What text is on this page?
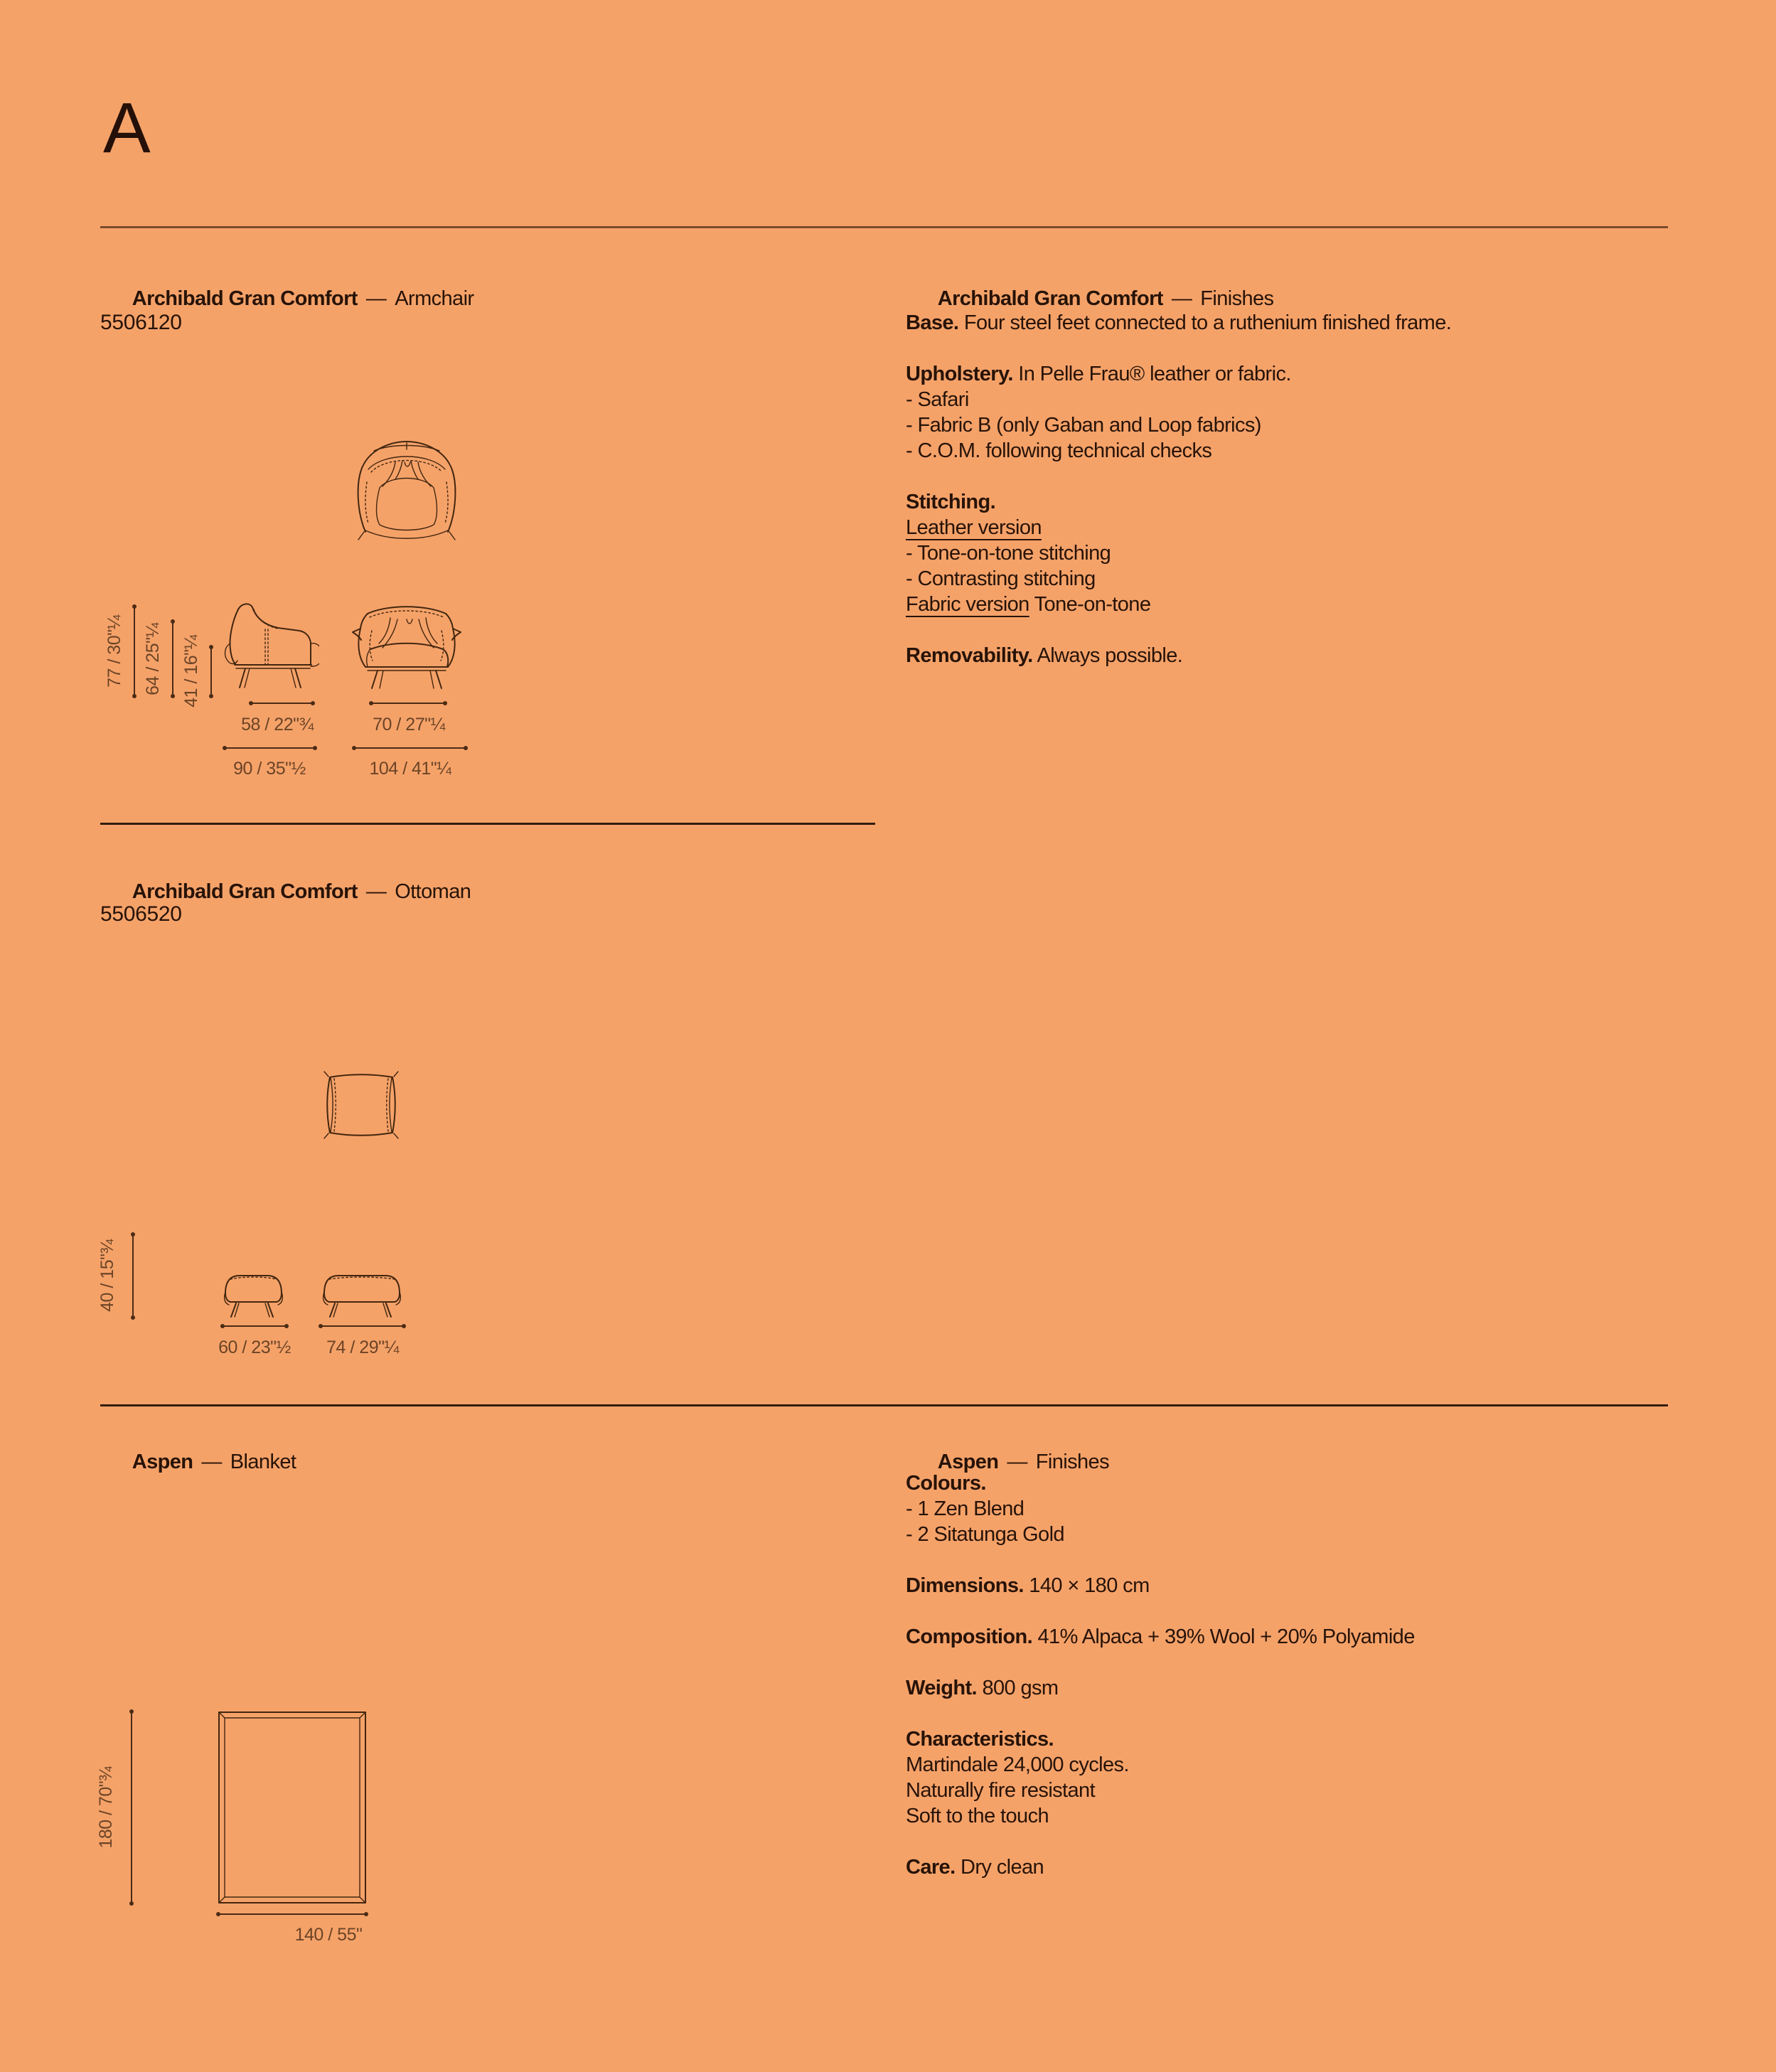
A

Archibald Gran Comfort — Armchair

5506120
77 / 30"¼ 64 / 25"¼ 41 / 16"¼
58 / 22"¾	70 / 27"¼
90 / 35"½	104 / 41"¼

Archibald Gran Comfort — Finishes

Base. Four steel feet connected to a ruthenium finished frame.
Upholstery. In Pelle Frau® leather or fabric.
- Safari
- Fabric B (only Gaban and Loop fabrics)
- C.O.M. following technical checks
Stitching.
Leather version
- Tone-on-tone stitching
- Contrasting stitching
Fabric version Tone-on-tone
Removability. Always possible.

Archibald Gran Comfort — Ottoman

5506520
40 / 15"¾
60 / 23"½	74 / 29"¼

Aspen — Blanket

180 / 70"¾
140 / 55"

Aspen — Finishes

Colours.
- 1 Zen Blend
- 2 Sitatunga Gold
Dimensions. 140 × 180 cm
Composition. 41% Alpaca + 39% Wool + 20% Polyamide
Weight. 800 gsm
Characteristics.
Martindale 24,000 cycles.
Naturally fire resistant
Soft to the touch
Care. Dry clean
